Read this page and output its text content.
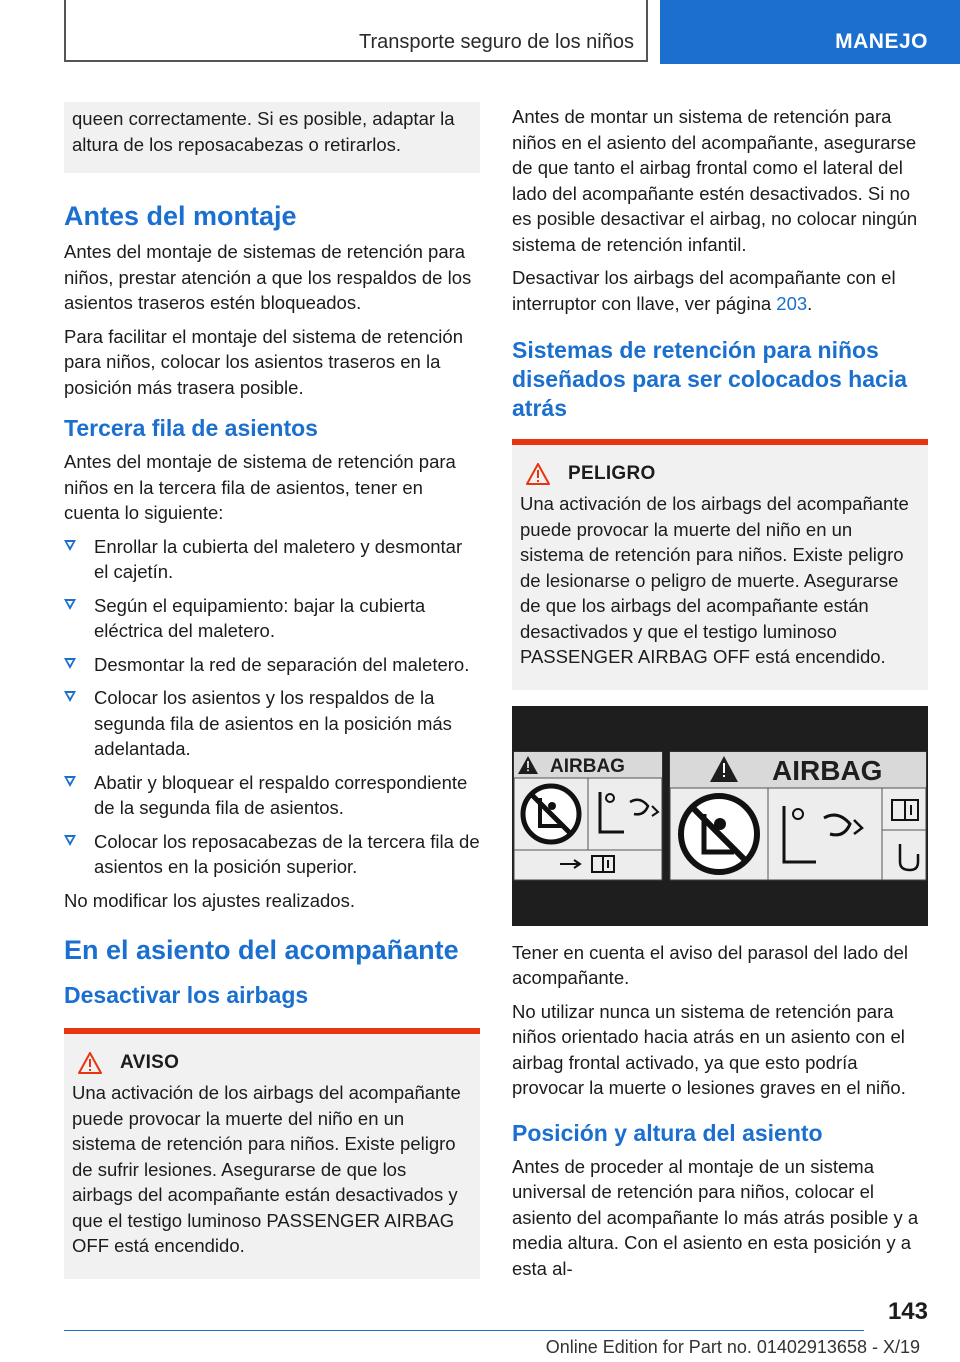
Transporte seguro de los niños	MANEJO

queen correctamente. Si es posible, adaptar la altura de los reposacabezas o retirarlos.

Antes del montaje

Antes del montaje de sistemas de retención para niños, prestar atención a que los respaldos de los asientos traseros estén bloqueados.

Para facilitar el montaje del sistema de retención para niños, colocar los asientos traseros en la posición más trasera posible.

Tercera fila de asientos

Antes del montaje de sistema de retención para niños en la tercera fila de asientos, tener en cuenta lo siguiente:

Enrollar la cubierta del maletero y desmontar el cajetín.
Según el equipamiento: bajar la cubierta eléctrica del maletero.
Desmontar la red de separación del maletero.
Colocar los asientos y los respaldos de la segunda fila de asientos en la posición más adelantada.
Abatir y bloquear el respaldo correspondiente de la segunda fila de asientos.
Colocar los reposacabezas de la tercera fila de asientos en la posición superior.

No modificar los ajustes realizados.

En el asiento del acompañante
Desactivar los airbags
AVISO

Una activación de los airbags del acompañante puede provocar la muerte del niño en un sistema de retención para niños. Existe peligro de sufrir lesiones. Asegurarse de que los airbags del acompañante están desactivados y que el testigo luminoso PASSENGER AIRBAG OFF está encendido.

Antes de montar un sistema de retención para niños en el asiento del acompañante, asegurarse de que tanto el airbag frontal como el lateral del lado del acompañante estén desactivados. Si no es posible desactivar el airbag, no colocar ningún sistema de retención infantil.

Desactivar los airbags del acompañante con el interruptor con llave, ver página 203.

Sistemas de retención para niños diseñados para ser colocados hacia atrás
PELIGRO

Una activación de los airbags del acompañante puede provocar la muerte del niño en un sistema de retención para niños. Existe peligro de lesionarse o peligro de muerte. Asegurarse de que los airbags del acompañante están desactivados y que el testigo luminoso PASSENGER AIRBAG OFF está encendido.

AIRBAG	AIRBAG

Tener en cuenta el aviso del parasol del lado del acompañante.

No utilizar nunca un sistema de retención para niños orientado hacia atrás en un asiento con el airbag frontal activado, ya que esto podría provocar la muerte o lesiones graves en el niño.

Posición y altura del asiento

Antes de proceder al montaje de un sistema universal de retención para niños, colocar el asiento del acompañante lo más atrás posible y a media altura. Con el asiento en esta posición y a esta al-

143
Online Edition for Part no. 01402913658 - X/19
